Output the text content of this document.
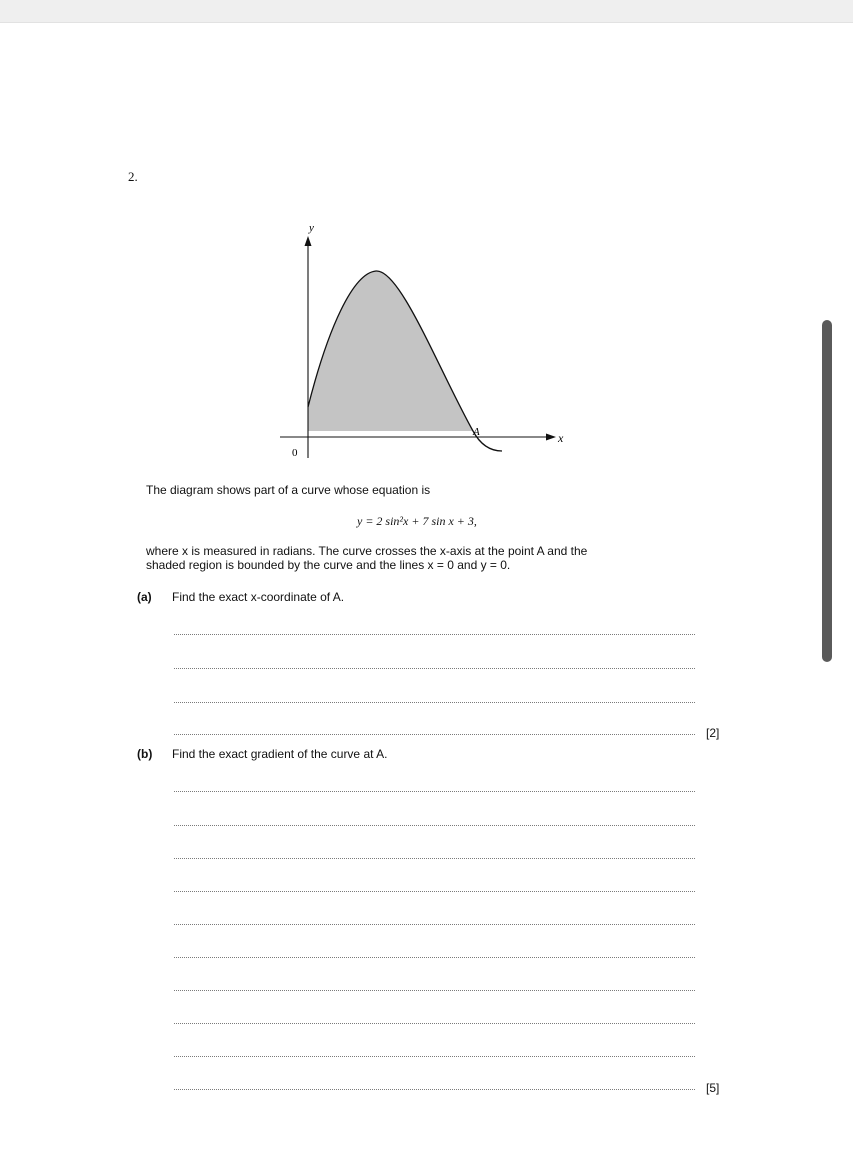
2.
y
x
0
A
The diagram shows part of a curve whose equation is
y = 2 sin²x + 7 sin x + 3,
where x is measured in radians. The curve crosses the x-axis at the point A and the
shaded region is bounded by the curve and the lines x = 0 and y = 0.
(a) Find the exact x-coordinate of A.
[2]
(b) Find the exact gradient of the curve at A.
[5]
